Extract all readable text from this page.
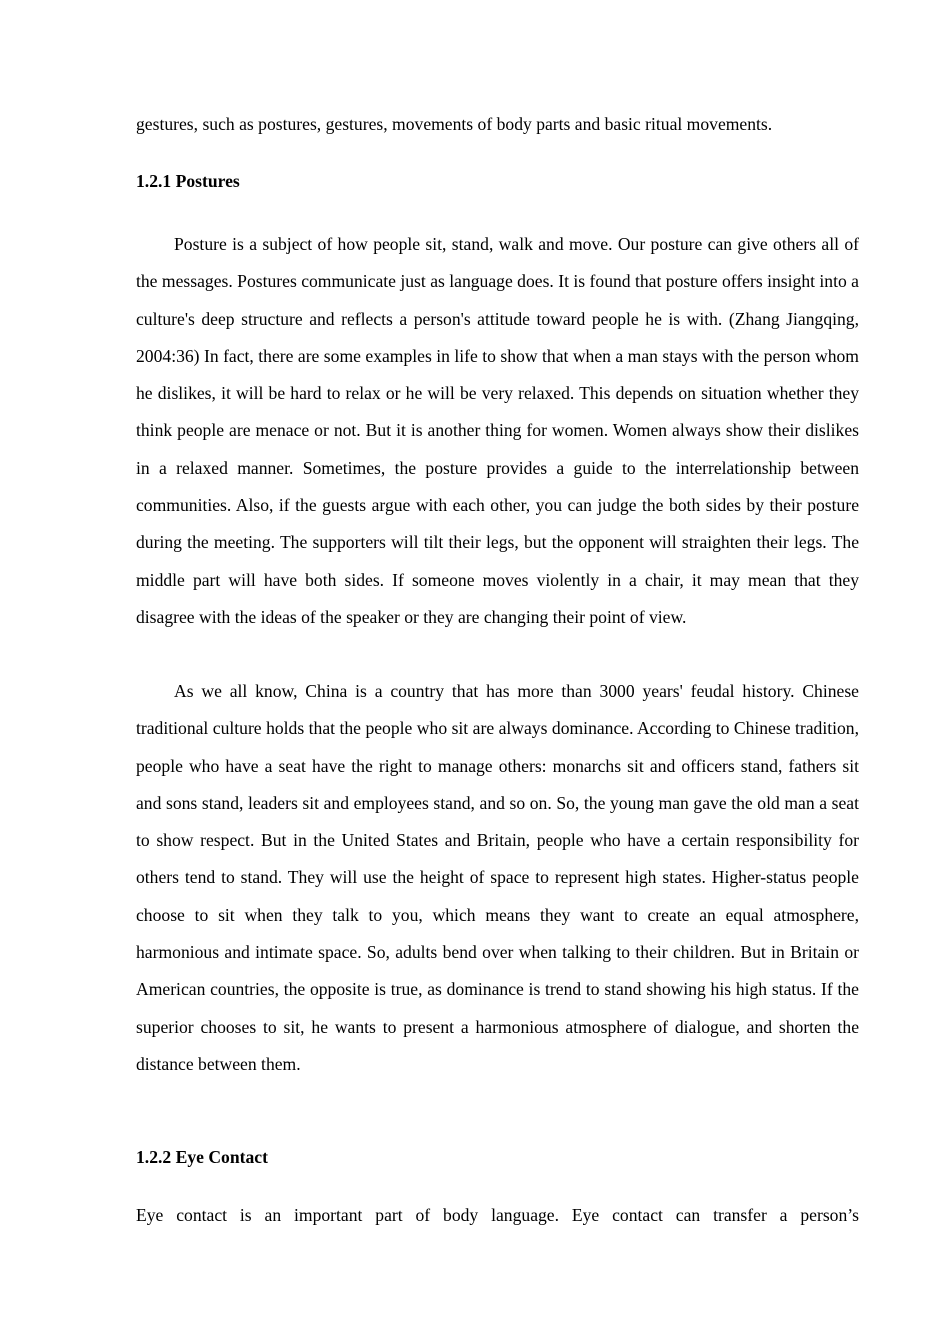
gestures, such as postures, gestures, movements of body parts and basic ritual movements.

1.2.1 Postures

Posture is a subject of how people sit, stand, walk and move. Our posture can give others all of the messages. Postures communicate just as language does. It is found that posture offers insight into a culture's deep structure and reflects a person's attitude toward people he is with. (Zhang Jiangqing, 2004:36) In fact, there are some examples in life to show that when a man stays with the person whom he dislikes, it will be hard to relax or he will be very relaxed. This depends on situation whether they think people are menace or not. But it is another thing for women. Women always show their dislikes in a relaxed manner. Sometimes, the posture provides a guide to the interrelationship between communities. Also, if the guests argue with each other, you can judge the both sides by their posture during the meeting. The supporters will tilt their legs, but the opponent will straighten their legs. The middle part will have both sides. If someone moves violently in a chair, it may mean that they disagree with the ideas of the speaker or they are changing their point of view.

As we all know, China is a country that has more than 3000 years' feudal history. Chinese traditional culture holds that the people who sit are always dominance. According to Chinese tradition, people who have a seat have the right to manage others: monarchs sit and officers stand, fathers sit and sons stand, leaders sit and employees stand, and so on. So, the young man gave the old man a seat to show respect. But in the United States and Britain, people who have a certain responsibility for others tend to stand. They will use the height of space to represent high states. Higher-status people choose to sit when they talk to you, which means they want to create an equal atmosphere, harmonious and intimate space. So, adults bend over when talking to their children. But in Britain or American countries, the opposite is true, as dominance is trend to stand showing his high status. If the superior chooses to sit, he wants to present a harmonious atmosphere of dialogue, and shorten the distance between them.

1.2.2 Eye Contact

Eye contact is an important part of body language. Eye contact can transfer a person’s
